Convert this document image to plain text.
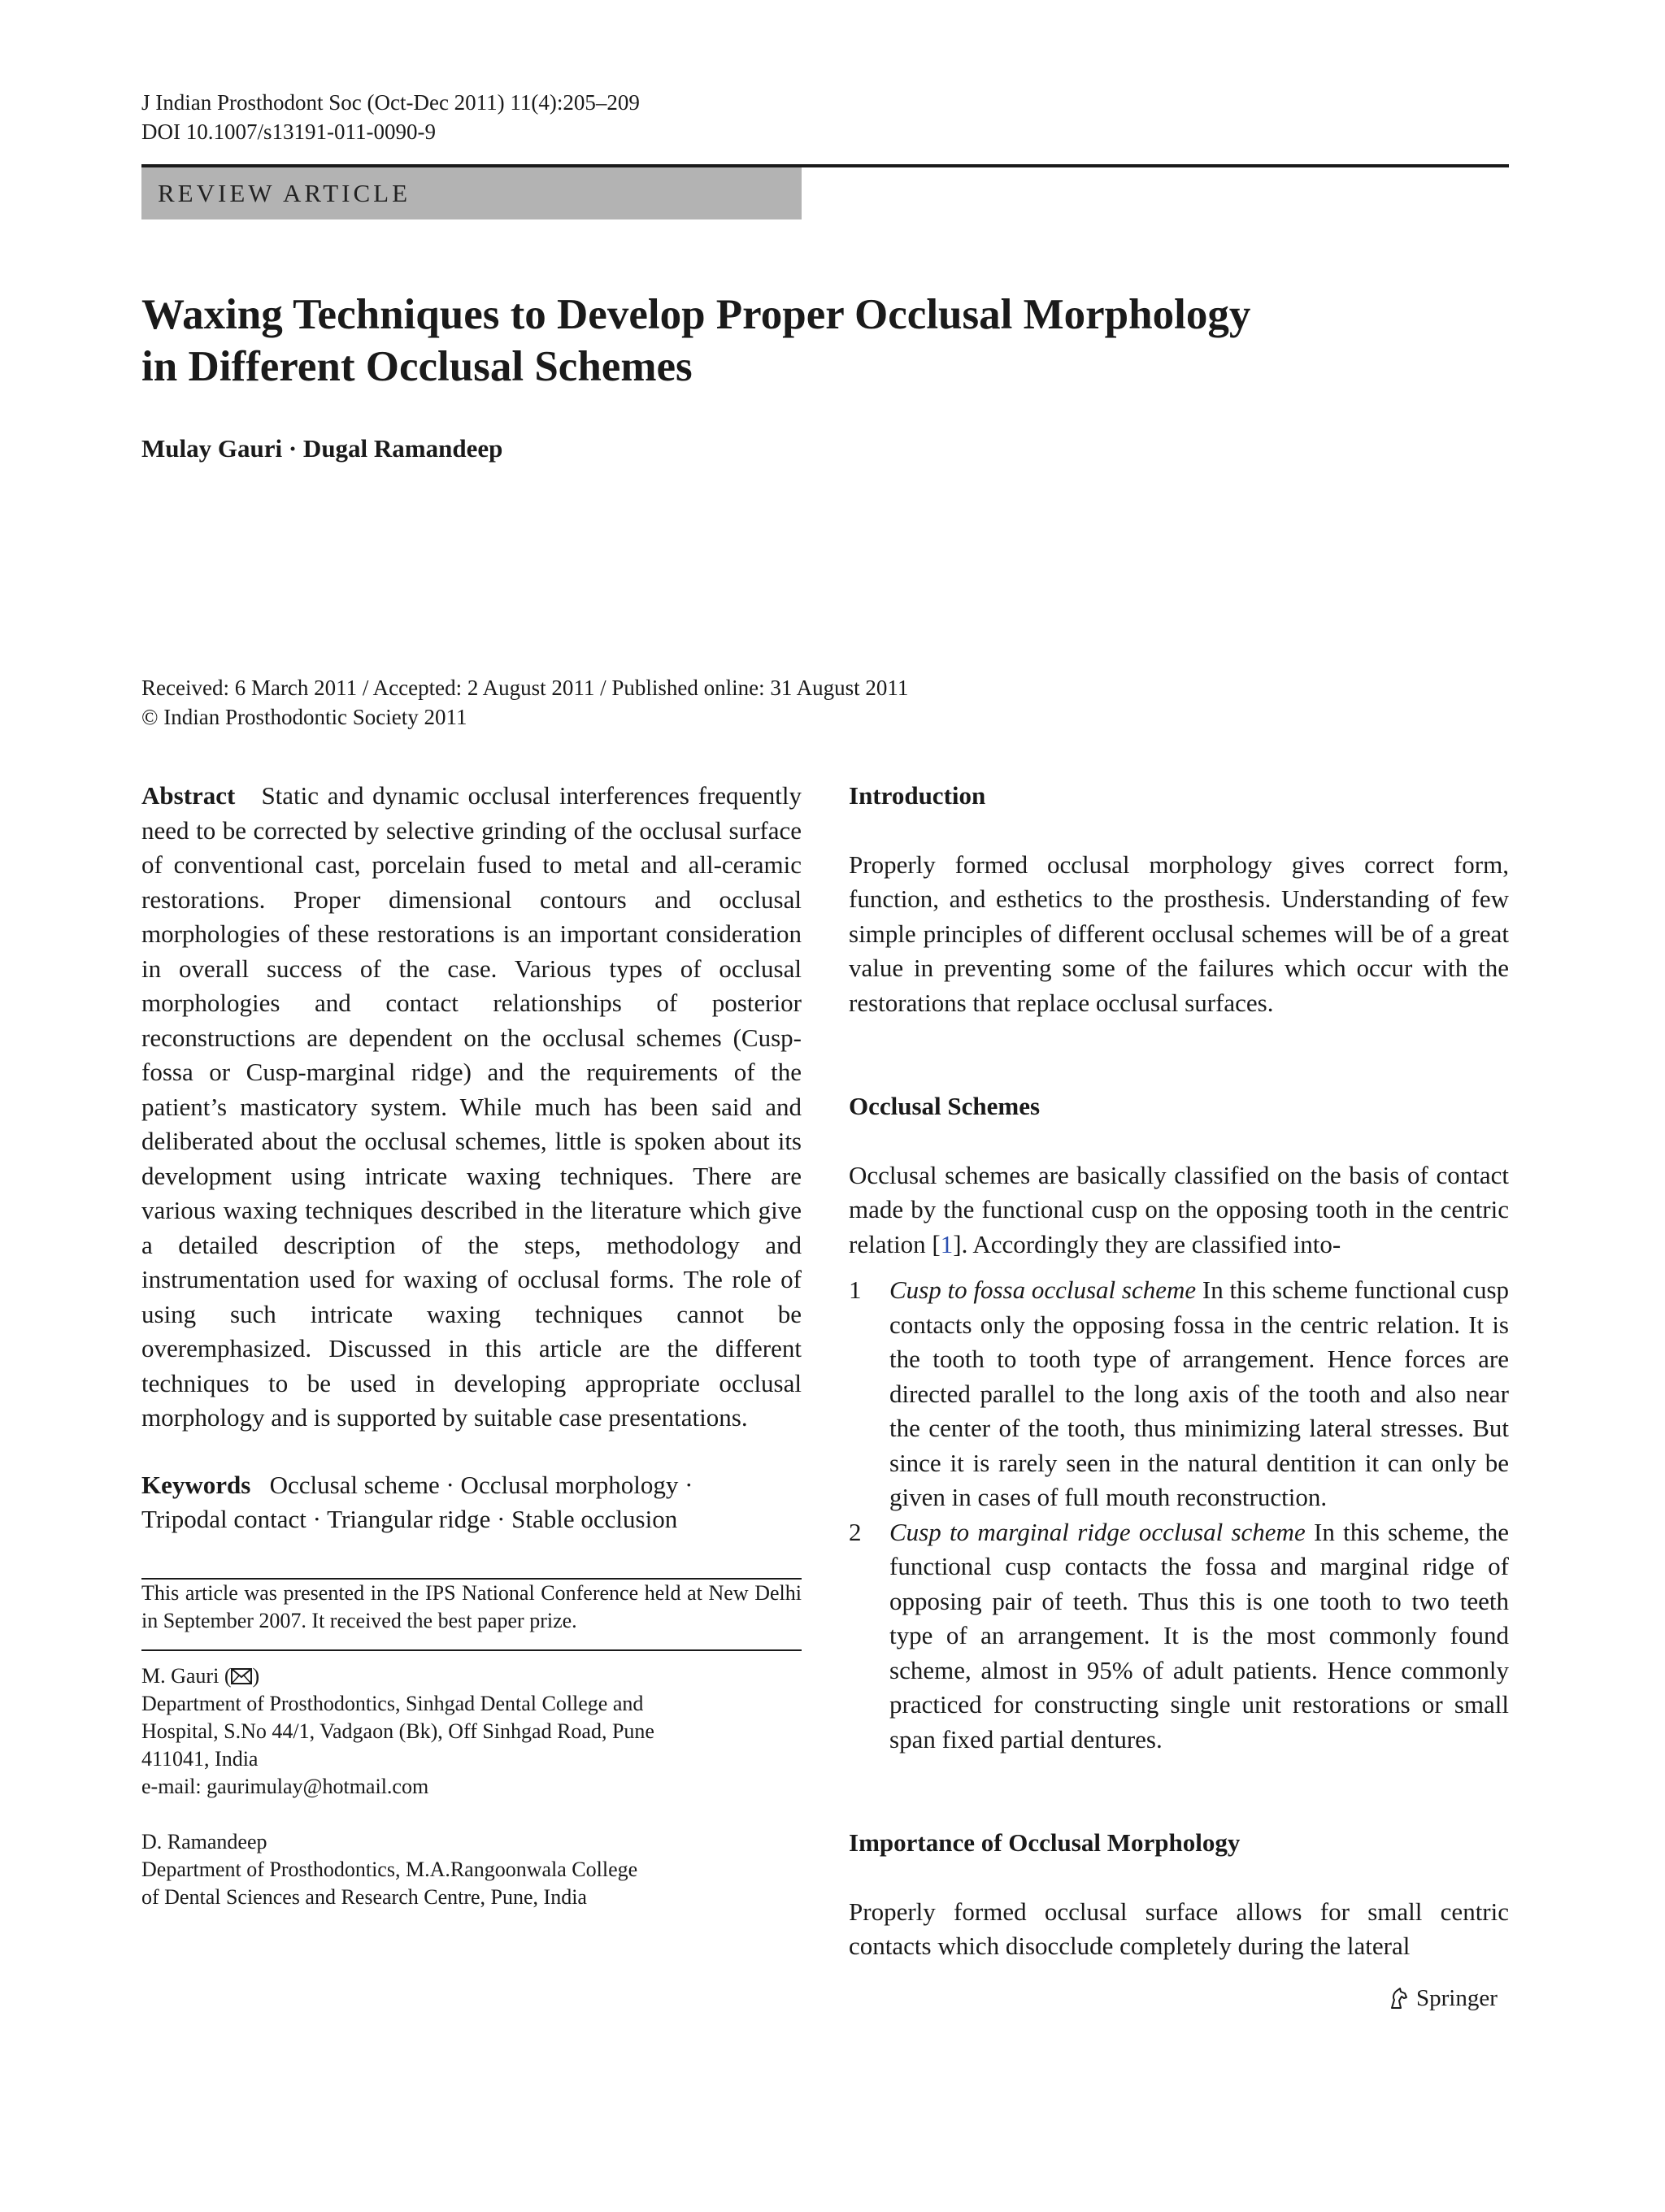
J Indian Prosthodont Soc (Oct-Dec 2011) 11(4):205–209
DOI 10.1007/s13191-011-0090-9
REVIEW ARTICLE
Waxing Techniques to Develop Proper Occlusal Morphology
in Different Occlusal Schemes
Mulay Gauri · Dugal Ramandeep
Received: 6 March 2011 / Accepted: 2 August 2011 / Published online: 31 August 2011
© Indian Prosthodontic Society 2011

Abstract Static and dynamic occlusal interferences frequently need to be corrected by selective grinding of the occlusal surface of conventional cast, porcelain fused to metal and all-ceramic restorations. Proper dimensional contours and occlusal morphologies of these restorations is an important consideration in overall success of the case. Various types of occlusal morphologies and contact relationships of posterior reconstructions are dependent on the occlusal schemes (Cusp-fossa or Cusp-marginal ridge) and the requirements of the patient’s masticatory system. While much has been said and deliberated about the occlusal schemes, little is spoken about its development using intricate waxing techniques. There are various waxing techniques described in the literature which give a detailed description of the steps, methodology and instrumentation used for waxing of occlusal forms. The role of using such intricate waxing techniques cannot be overemphasized. Discussed in this article are the different techniques to be used in developing appropriate occlusal morphology and is supported by suitable case presentations.

Keywords Occlusal scheme · Occlusal morphology ·
Tripodal contact · Triangular ridge · Stable occlusion

This article was presented in the IPS National Conference held at New Delhi in September 2007. It received the best paper prize.

M. Gauri ( )
Department of Prosthodontics, Sinhgad Dental College and
Hospital, S.No 44/1, Vadgaon (Bk), Off Sinhgad Road, Pune
411041, India
e-mail: gaurimulay@hotmail.com
D. Ramandeep
Department of Prosthodontics, M.A.Rangoonwala College
of Dental Sciences and Research Centre, Pune, India
Introduction

Properly formed occlusal morphology gives correct form, function, and esthetics to the prosthesis. Understanding of few simple principles of different occlusal schemes will be of a great value in preventing some of the failures which occur with the restorations that replace occlusal surfaces.

Occlusal Schemes

Occlusal schemes are basically classified on the basis of contact made by the functional cusp on the opposing tooth in the centric relation [1]. Accordingly they are classified into-

1 Cusp to fossa occlusal scheme In this scheme functional cusp contacts only the opposing fossa in the centric relation. It is the tooth to tooth type of arrangement. Hence forces are directed parallel to the long axis of the tooth and also near the center of the tooth, thus minimizing lateral stresses. But since it is rarely seen in the natural dentition it can only be given in cases of full mouth reconstruction.
2 Cusp to marginal ridge occlusal scheme In this scheme, the functional cusp contacts the fossa and marginal ridge of opposing pair of teeth. Thus this is one tooth to two teeth type of an arrangement. It is the most commonly found scheme, almost in 95% of adult patients. Hence commonly practiced for constructing single unit restorations or small span fixed partial dentures.
Importance of Occlusal Morphology

Properly formed occlusal surface allows for small centric contacts which disocclude completely during the lateral

Springer
